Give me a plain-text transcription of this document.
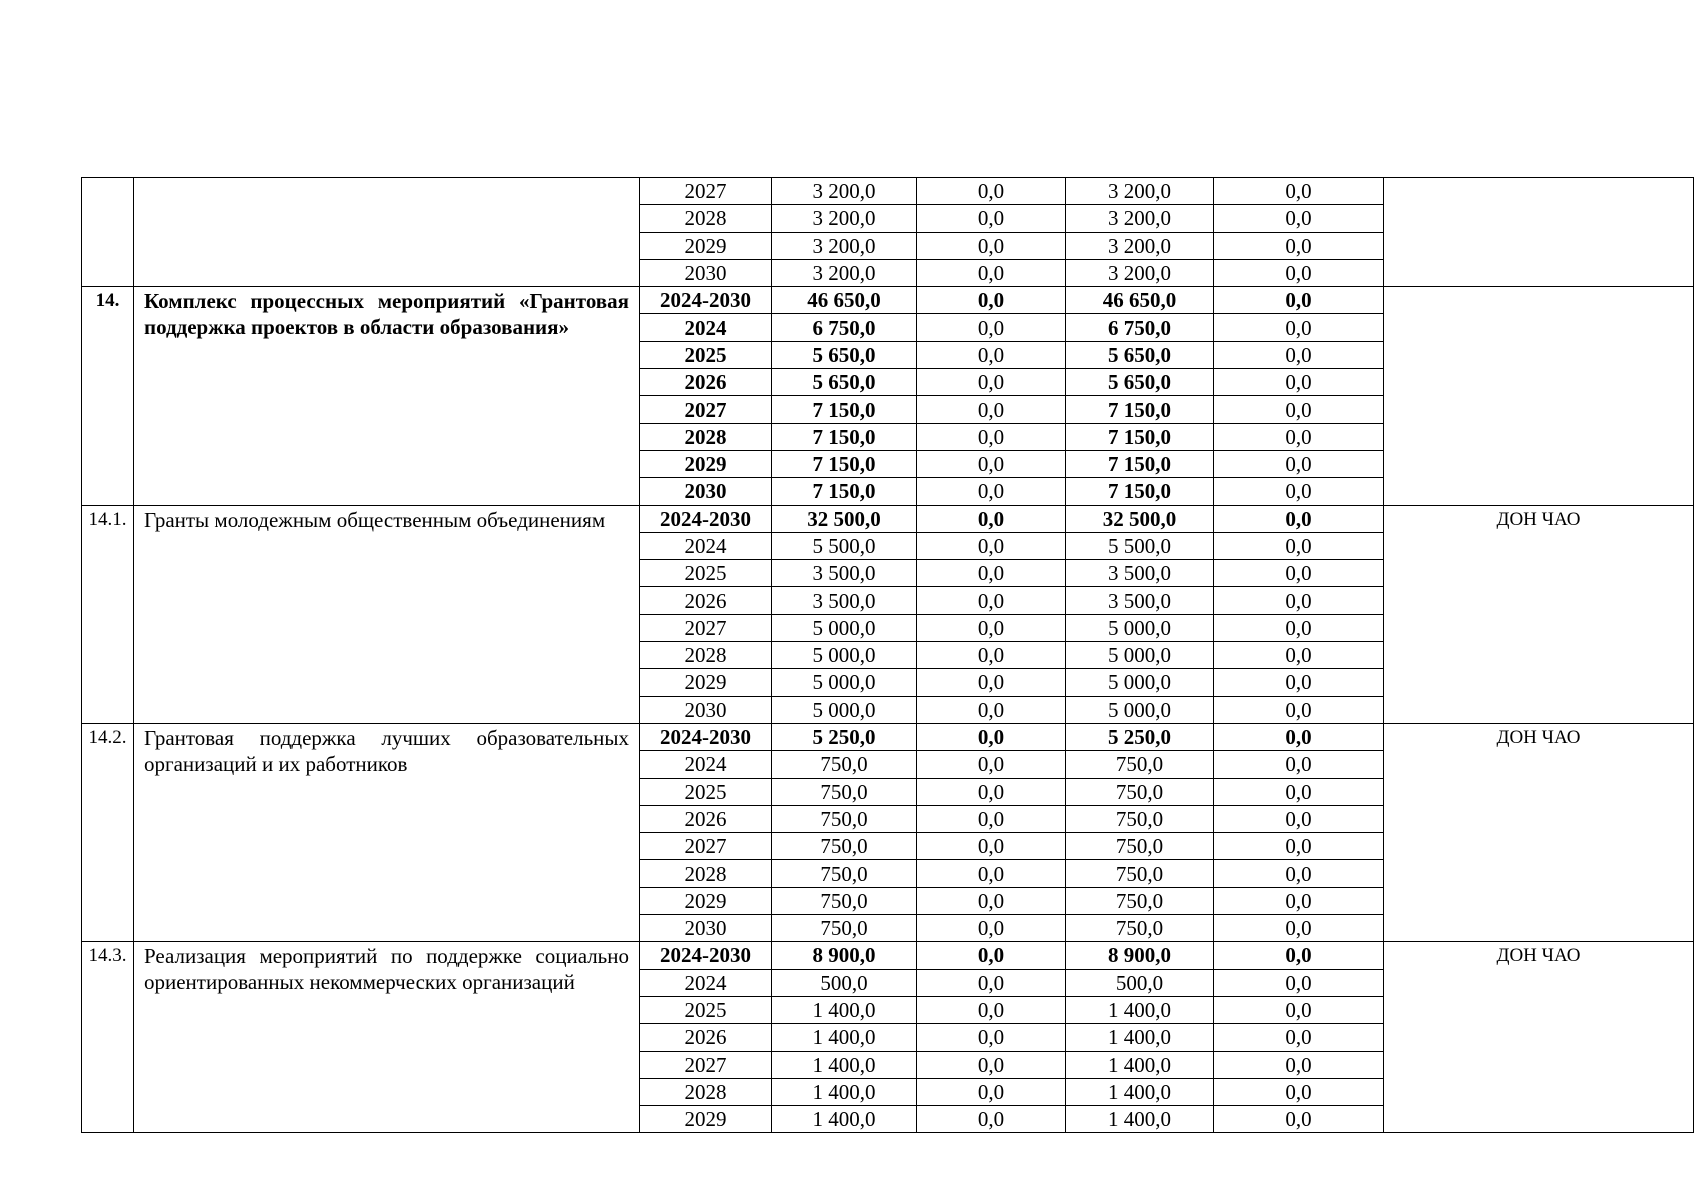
		2027	3 200,0	0,0	3 200,0	0,0	
		2028	3 200,0	0,0	3 200,0	0,0	
		2029	3 200,0	0,0	3 200,0	0,0	
		2030	3 200,0	0,0	3 200,0	0,0	
14.	Комплекс процессных мероприятий «Грантовая поддержка проектов в области образования»	2024-2030	46 650,0	0,0	46 650,0	0,0	
		2024	6 750,0	0,0	6 750,0	0,0	
		2025	5 650,0	0,0	5 650,0	0,0	
		2026	5 650,0	0,0	5 650,0	0,0	
		2027	7 150,0	0,0	7 150,0	0,0	
		2028	7 150,0	0,0	7 150,0	0,0	
		2029	7 150,0	0,0	7 150,0	0,0	
		2030	7 150,0	0,0	7 150,0	0,0	
14.1.	Гранты молодежным общественным объединениям	2024-2030	32 500,0	0,0	32 500,0	0,0	ДОН ЧАО
		2024	5 500,0	0,0	5 500,0	0,0	
		2025	3 500,0	0,0	3 500,0	0,0	
		2026	3 500,0	0,0	3 500,0	0,0	
		2027	5 000,0	0,0	5 000,0	0,0	
		2028	5 000,0	0,0	5 000,0	0,0	
		2029	5 000,0	0,0	5 000,0	0,0	
		2030	5 000,0	0,0	5 000,0	0,0	
14.2.	Грантовая поддержка лучших образовательных организаций и их работников	2024-2030	5 250,0	0,0	5 250,0	0,0	ДОН ЧАО
		2024	750,0	0,0	750,0	0,0	
		2025	750,0	0,0	750,0	0,0	
		2026	750,0	0,0	750,0	0,0	
		2027	750,0	0,0	750,0	0,0	
		2028	750,0	0,0	750,0	0,0	
		2029	750,0	0,0	750,0	0,0	
		2030	750,0	0,0	750,0	0,0	
14.3.	Реализация мероприятий по поддержке социально ориентированных некоммерческих организаций	2024-2030	8 900,0	0,0	8 900,0	0,0	ДОН ЧАО
		2024	500,0	0,0	500,0	0,0	
		2025	1 400,0	0,0	1 400,0	0,0	
		2026	1 400,0	0,0	1 400,0	0,0	
		2027	1 400,0	0,0	1 400,0	0,0	
		2028	1 400,0	0,0	1 400,0	0,0	
		2029	1 400,0	0,0	1 400,0	0,0	
